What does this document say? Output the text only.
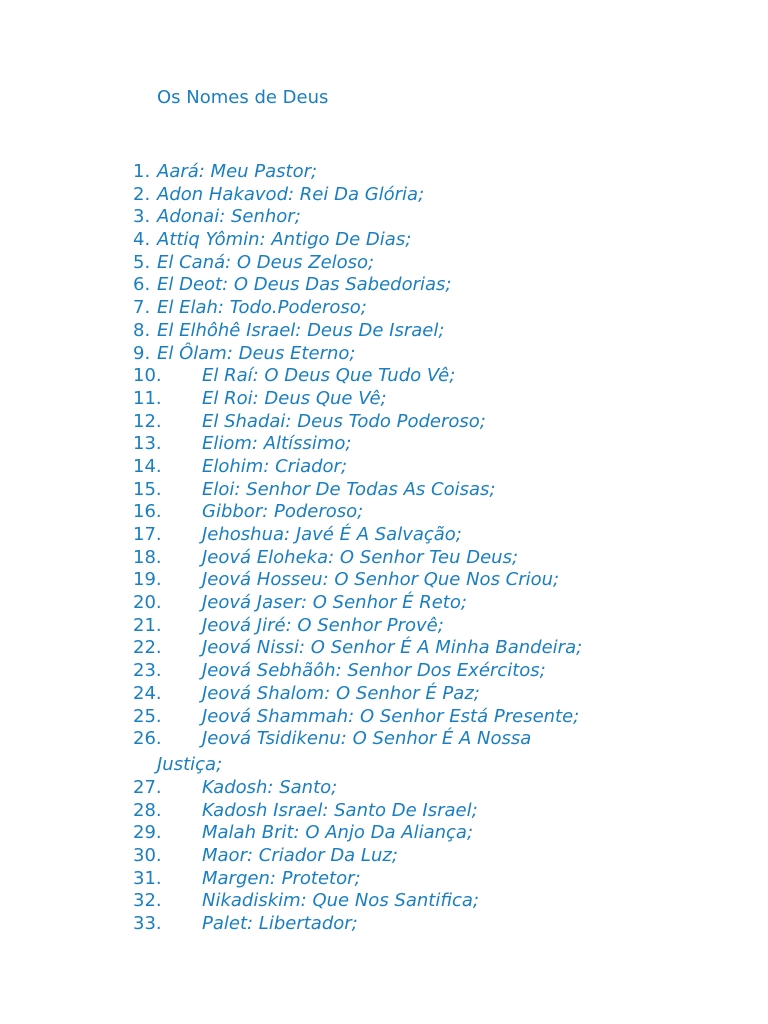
Os Nomes de Deus
1. Aará: Meu Pastor;
2. Adon Hakavod: Rei Da Glória;
3. Adonai: Senhor;
4. Attiq Yômin: Antigo De Dias;
5. El Caná: O Deus Zeloso;
6. El Deot: O Deus Das Sabedorias;
7. El Elah: Todo.Poderoso;
8. El Elhôhê Israel: Deus De Israel;
9. El Ôlam: Deus Eterno;
10. El Raí: O Deus Que Tudo Vê;
11. El Roi: Deus Que Vê;
12. El Shadai: Deus Todo Poderoso;
13. Eliom: Altíssimo;
14. Elohim: Criador;
15. Eloi: Senhor De Todas As Coisas;
16. Gibbor: Poderoso;
17. Jehoshua: Javé É A Salvação;
18. Jeová Eloheka: O Senhor Teu Deus;
19. Jeová Hosseu: O Senhor Que Nos Criou;
20. Jeová Jaser: O Senhor É Reto;
21. Jeová Jiré: O Senhor Provê;
22. Jeová Nissi: O Senhor É A Minha Bandeira;
23. Jeová Sebhãôh: Senhor Dos Exércitos;
24. Jeová Shalom: O Senhor É Paz;
25. Jeová Shammah: O Senhor Está Presente;
26. Jeová Tsidikenu: O Senhor É A Nossa
Justiça;
27. Kadosh: Santo;
28. Kadosh Israel: Santo De Israel;
29. Malah Brit: O Anjo Da Aliança;
30. Maor: Criador Da Luz;
31. Margen: Protetor;
32. Nikadiskim: Que Nos Santifica;
33. Palet: Libertador;
